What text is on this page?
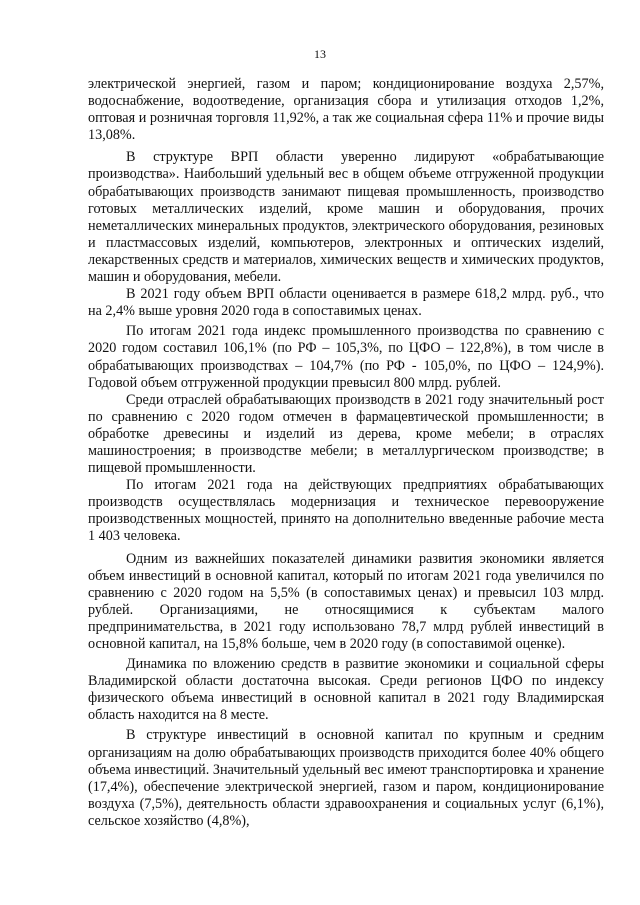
13

электрической энергией, газом и паром; кондиционирование воздуха 2,57%, водоснабжение, водоотведение, организация сбора и утилизация отходов 1,2%, оптовая и розничная торговля 11,92%, а так же социальная сфера 11% и прочие виды 13,08%.

В структуре ВРП области уверенно лидируют «обрабатывающие производства». Наибольший удельный вес в общем объеме отгруженной продукции обрабатывающих производств занимают пищевая промышленность, производство готовых металлических изделий, кроме машин и оборудования, прочих неметаллических минеральных продуктов, электрического оборудования, резиновых и пластмассовых изделий, компьютеров, электронных и оптических изделий, лекарственных средств и материалов, химических веществ и химических продуктов, машин и оборудования, мебели.

В 2021 году объем ВРП области оценивается в размере 618,2 млрд. руб., что на 2,4% выше уровня 2020 года в сопоставимых ценах.

По итогам 2021 года индекс промышленного производства по сравнению с 2020 годом составил 106,1% (по РФ – 105,3%, по ЦФО – 122,8%), в том числе в обрабатывающих производствах – 104,7% (по РФ - 105,0%, по ЦФО – 124,9%). Годовой объем отгруженной продукции превысил 800 млрд. рублей.

Среди отраслей обрабатывающих производств в 2021 году значительный рост по сравнению с 2020 годом отмечен в фармацевтической промышленности; в обработке древесины и изделий из дерева, кроме мебели; в отраслях машиностроения; в производстве мебели; в металлургическом производстве; в пищевой промышленности.

По итогам 2021 года на действующих предприятиях обрабатывающих производств осуществлялась модернизация и техническое перевооружение производственных мощностей, принято на дополнительно введенные рабочие места 1 403 человека.

Одним из важнейших показателей динамики развития экономики является объем инвестиций в основной капитал, который по итогам 2021 года увеличился по сравнению с 2020 годом на 5,5% (в сопоставимых ценах) и превысил 103 млрд. рублей. Организациями, не относящимися к субъектам малого предпринимательства, в 2021 году использовано 78,7 млрд рублей инвестиций в основной капитал, на 15,8% больше, чем в 2020 году (в сопоставимой оценке).

Динамика по вложению средств в развитие экономики и социальной сферы Владимирской области достаточна высокая. Среди регионов ЦФО по индексу физического объема инвестиций в основной капитал в 2021 году Владимирская область находится на 8 месте.

В структуре инвестиций в основной капитал по крупным и средним организациям на долю обрабатывающих производств приходится более 40% общего объема инвестиций. Значительный удельный вес имеют транспортировка и хранение (17,4%), обеспечение электрической энергией, газом и паром, кондиционирование воздуха (7,5%), деятельность области здравоохранения и социальных услуг (6,1%), сельское хозяйство (4,8%),
